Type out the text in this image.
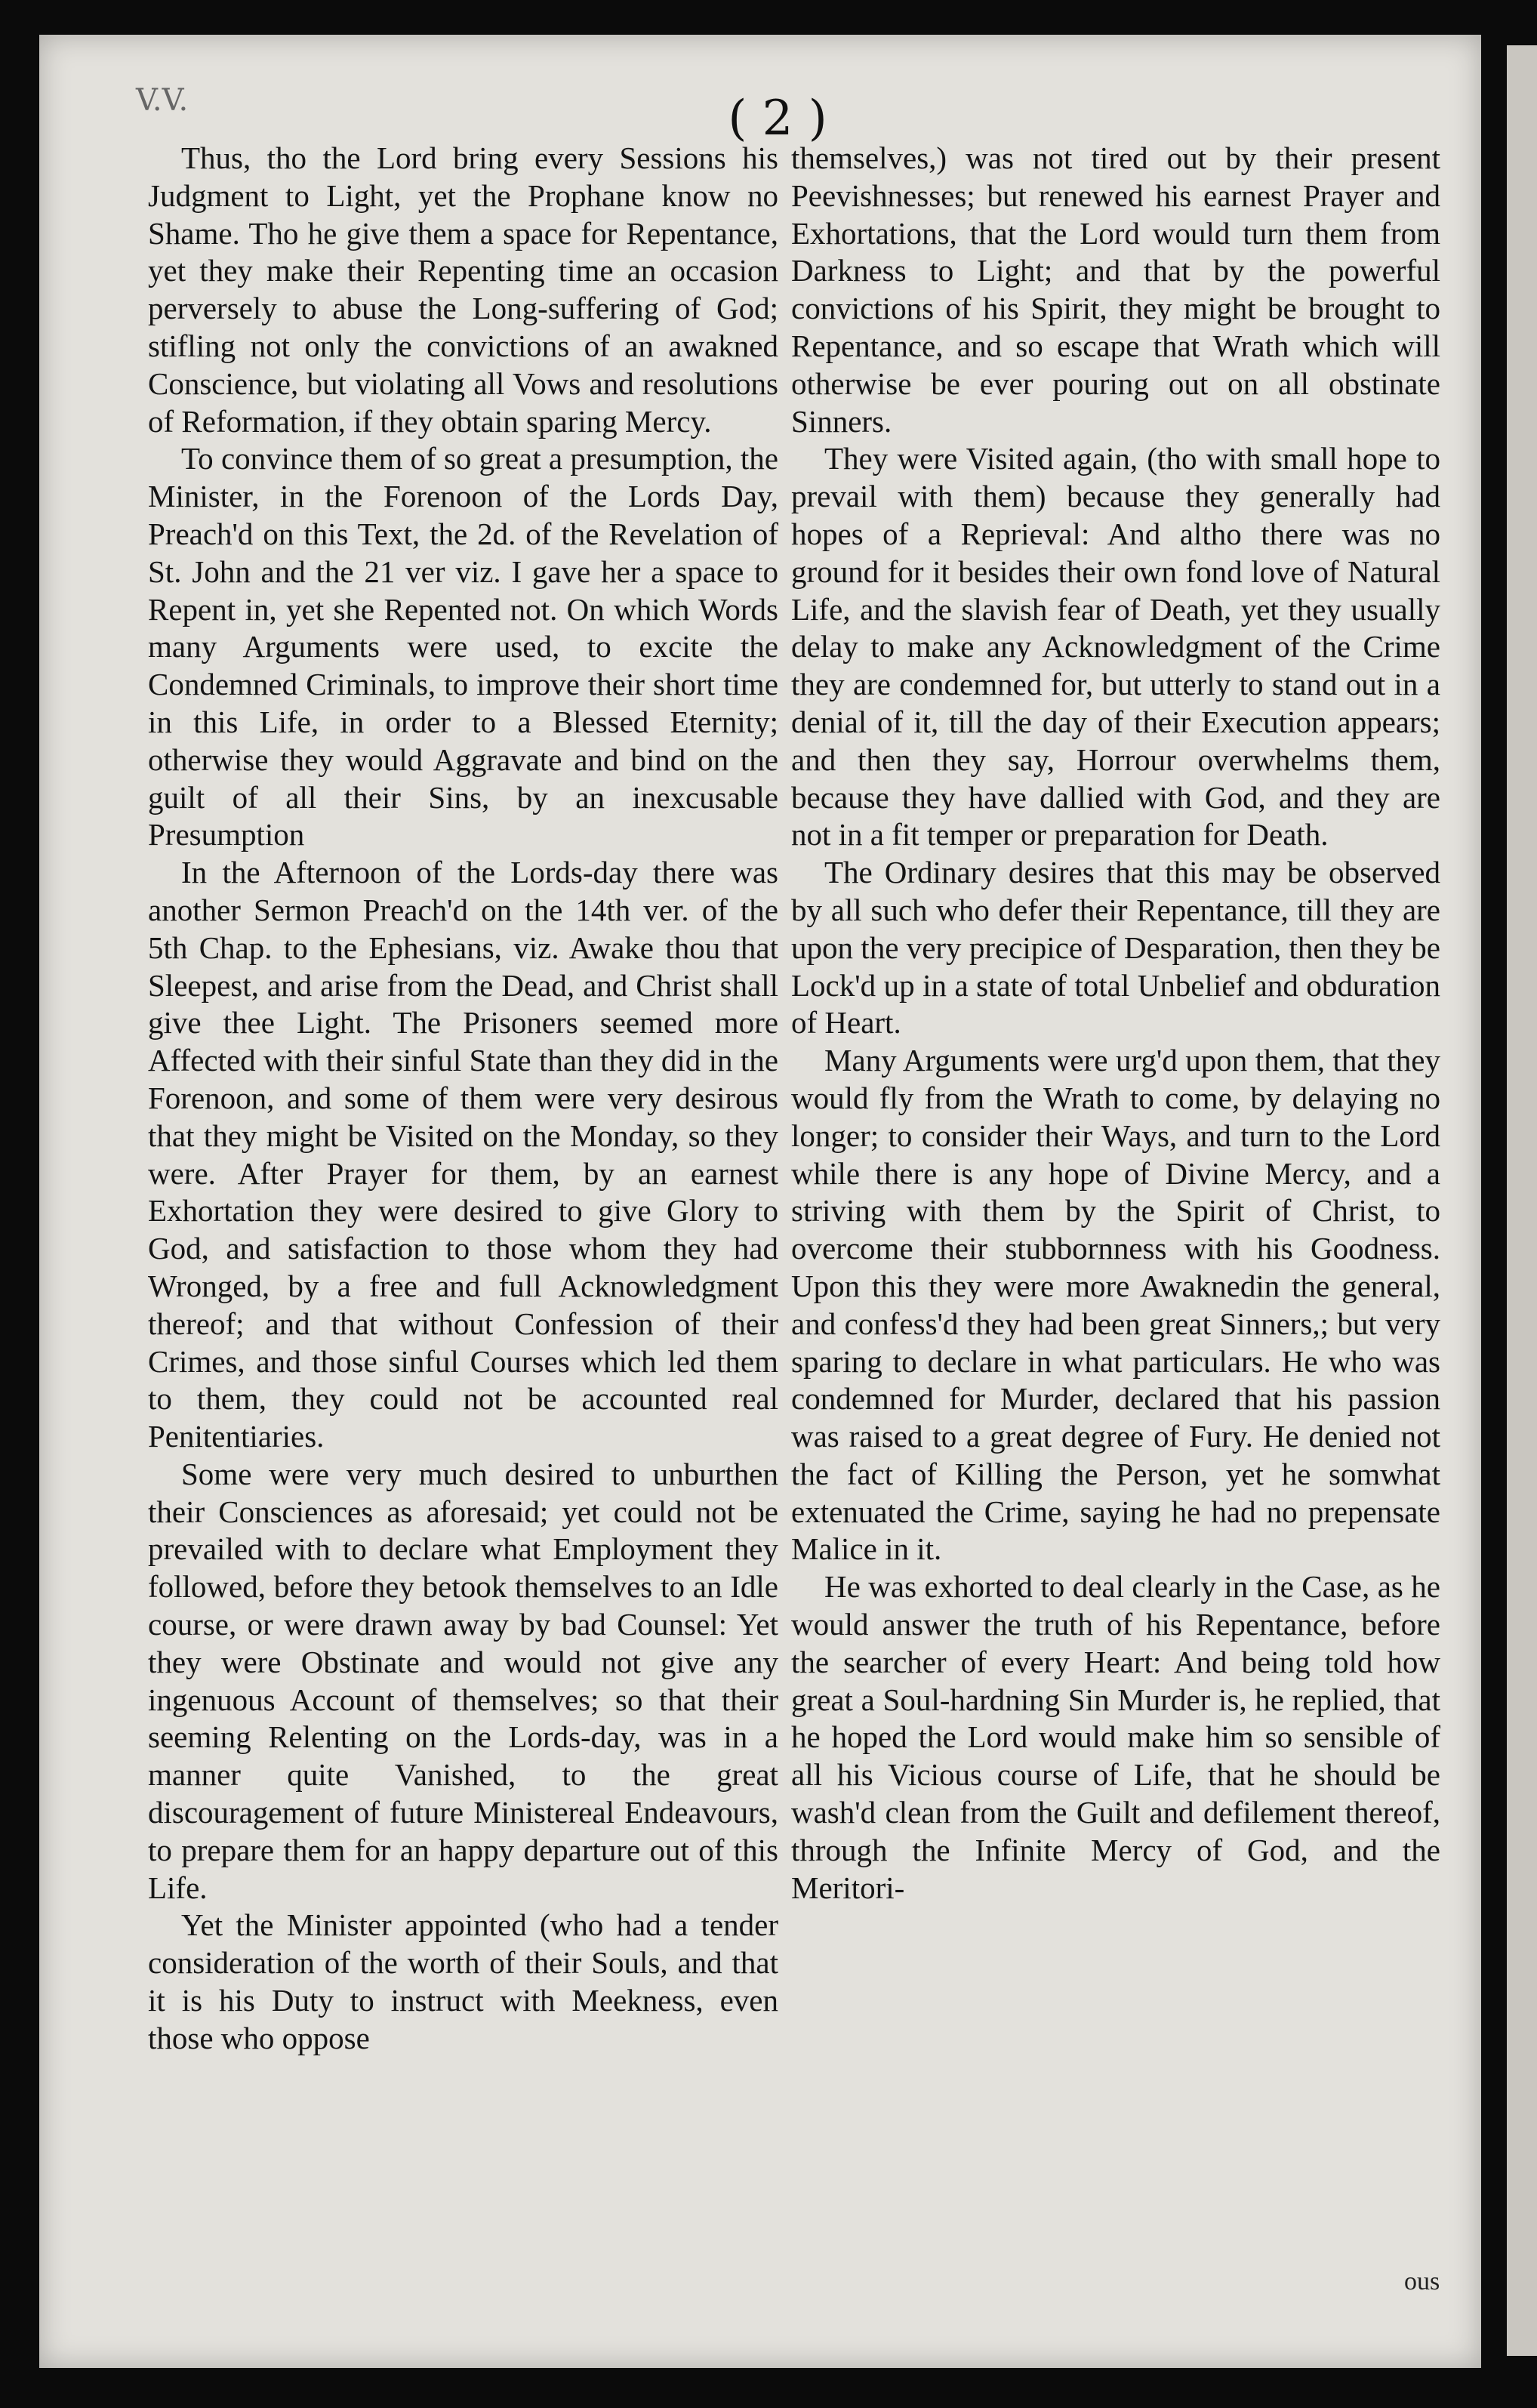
V.V.	( 2 )

Thus, tho the Lord bring every Sessions his Judgment to Light, yet the Prophane know no Shame. Tho he give them a space for Repentance, yet they make their Repenting time an occasion perversely to abuse the Long-suffering of God; stifling not only the convictions of an awakned Conscience, but violating all Vows and resolutions of Reformation, if they obtain sparing Mercy.

To convince them of so great a presumption, the Minister, in the Forenoon of the Lords Day, Preach'd on this Text, the 2d. of the Revelation of St. John and the 21 ver viz. I gave her a space to Repent in, yet she Repented not. On which Words many Arguments were used, to excite the Condemned Criminals, to improve their short time in this Life, in order to a Blessed Eternity; otherwise they would Aggravate and bind on the guilt of all their Sins, by an inexcusable Presumption

In the Afternoon of the Lords-day there was another Sermon Preach'd on the 14th ver. of the 5th Chap. to the Ephesians, viz. Awake thou that Sleepest, and arise from the Dead, and Christ shall give thee Light. The Prisoners seemed more Affected with their sinful State than they did in the Forenoon, and some of them were very desirous that they might be Visited on the Monday, so they were. After Prayer for them, by an earnest Exhortation they were desired to give Glory to God, and satisfaction to those whom they had Wronged, by a free and full Acknowledgment thereof; and that without Confession of their Crimes, and those sinful Courses which led them to them, they could not be accounted real Penitentiaries.

Some were very much desired to unburthen their Consciences as aforesaid; yet could not be prevailed with to declare what Employment they followed, before they betook themselves to an Idle course, or were drawn away by bad Counsel: Yet they were Obstinate and would not give any ingenuous Account of themselves; so that their seeming Relenting on the Lords-day, was in a manner quite Vanished, to the great discouragement of future Ministereal Endeavours, to prepare them for an happy departure out of this Life.

Yet the Minister appointed (who had a tender consideration of the worth of their Souls, and that it is his Duty to instruct with Meekness, even those who oppose

themselves,) was not tired out by their present Peevishnesses; but renewed his earnest Prayer and Exhortations, that the Lord would turn them from Darkness to Light; and that by the powerful convictions of his Spirit, they might be brought to Repentance, and so escape that Wrath which will otherwise be ever pouring out on all obstinate Sinners.

They were Visited again, (tho with small hope to prevail with them) because they generally had hopes of a Reprieval: And altho there was no ground for it besides their own fond love of Natural Life, and the slavish fear of Death, yet they usually delay to make any Acknowledgment of the Crime they are condemned for, but utterly to stand out in a denial of it, till the day of their Execution appears; and then they say, Horrour overwhelms them, because they have dallied with God, and they are not in a fit temper or preparation for Death.

The Ordinary desires that this may be observed by all such who defer their Repentance, till they are upon the very precipice of Desparation, then they be Lock'd up in a state of total Unbelief and obduration of Heart.

Many Arguments were urg'd upon them, that they would fly from the Wrath to come, by delaying no longer; to consider their Ways, and turn to the Lord while there is any hope of Divine Mercy, and a striving with them by the Spirit of Christ, to overcome their stubbornness with his Goodness. Upon this they were more Awaknedin the general, and confess'd they had been great Sinners,; but very sparing to declare in what particulars. He who was condemned for Murder, declared that his passion was raised to a great degree of Fury. He denied not the fact of Killing the Person, yet he somwhat extenuated the Crime, saying he had no prepensate Malice in it.

He was exhorted to deal clearly in the Case, as he would answer the truth of his Repentance, before the searcher of every Heart: And being told how great a Soul-hardning Sin Murder is, he replied, that he hoped the Lord would make him so sensible of all his Vicious course of Life, that he should be wash'd clean from the Guilt and defilement thereof, through the Infinite Mercy of God, and the Meritori-

ous
